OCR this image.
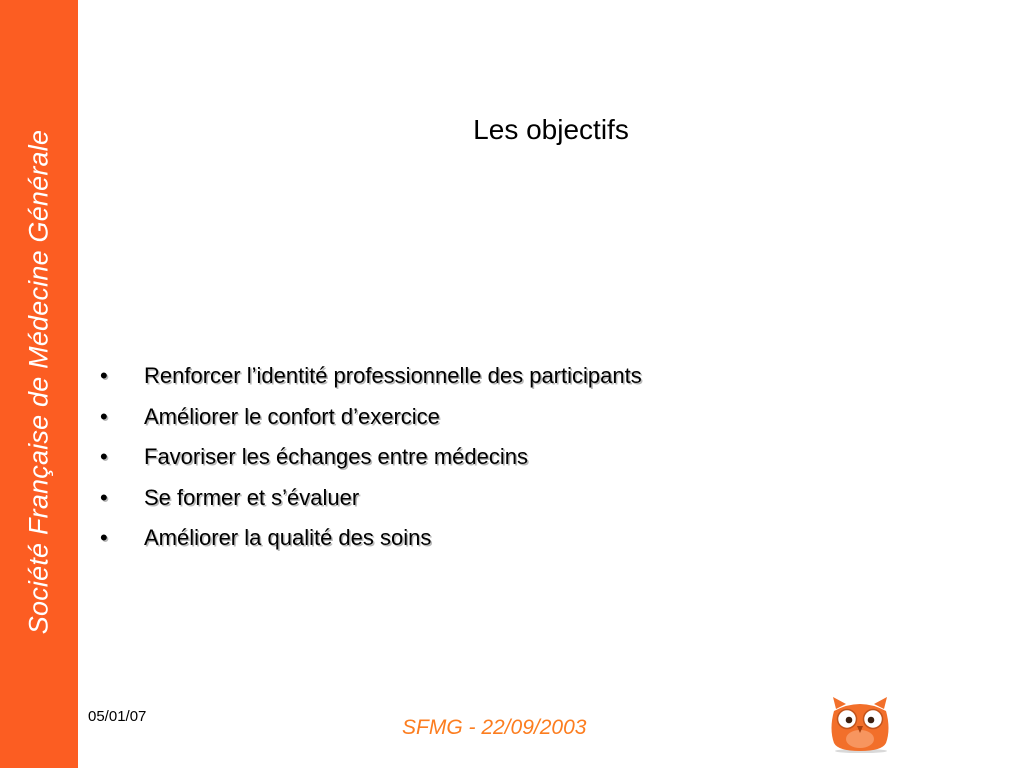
Société Française de Médecine Générale
Les objectifs
• Renforcer l’identité professionnelle des participants
• Améliorer le confort d’exercice
• Favoriser les échanges entre médecins
• Se former et s’évaluer
• Améliorer la qualité des soins
05/01/07	SFMG - 22/09/2003
